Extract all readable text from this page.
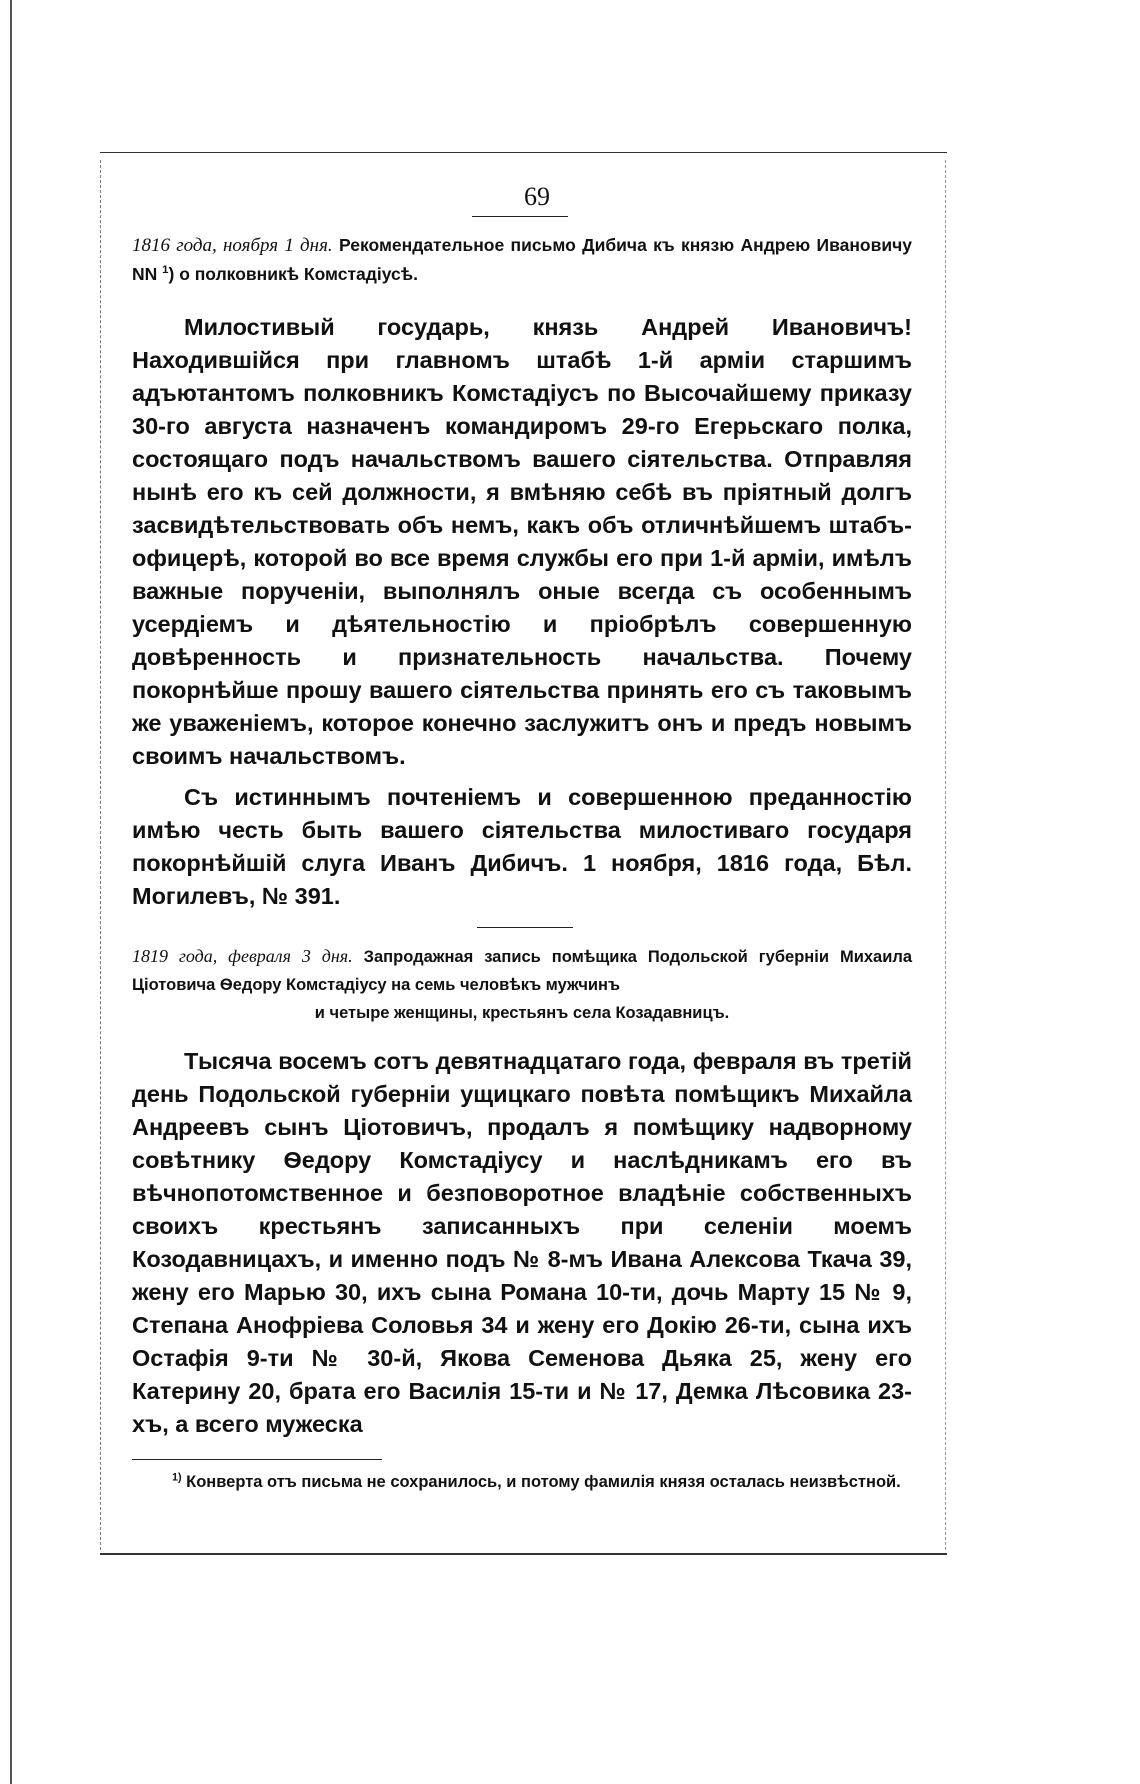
69
1816 года, ноября 1 дня. Рекомендательное письмо Дибича къ князю Андрею Ивановичу NN $^1$) о полковникѣ Комстадіусѣ.

Милостивый государь, князь Андрей Ивановичъ! Находившійся при главномъ штабѣ 1-й арміи старшимъ адъютантомъ полковникъ Комстадіусъ по Высочайшему приказу 30-го августа назначенъ командиромъ 29-го Егерьскаго полка, состоящаго подъ начальствомъ вашего сіятельства. Отправляя нынѣ его къ сей должности, я вмѣняю себѣ въ пріятный долгъ засвидѣтельствовать объ немъ, какъ объ отличнѣйшемъ штабъ-офицерѣ, которой во все время службы его при 1-й арміи, имѣлъ важные порученіи, выполнялъ оные всегда съ особеннымъ усердіемъ и дѣятельностію и пріобрѣлъ совершенную довѣренность и признательность начальства. Почему покорнѣйше прошу вашего сіятельства принять его съ таковымъ же уваженіемъ, которое конечно заслужитъ онъ и предъ новымъ своимъ начальствомъ.

Съ истиннымъ почтеніемъ и совершенною преданностію имѣю честь быть вашего сіятельства милостиваго государя покорнѣйшій слуга Иванъ Дибичъ. 1 ноября, 1816 года, Бѣл. Могилевъ, № 391.

1819 года, февраля 3 дня. Запродажная запись помѣщика Подольской губерніи Михаила Ціотовича Ѳедору Комстадіусу на семь человѣкъ мужчинъ
и четыре женщины, крестьянъ села Козадавницъ.

Тысяча восемъ сотъ девятнадцатаго года, февраля въ третій день Подольской губерніи ущицкаго повѣта помѣщикъ Михайла Андреевъ сынъ Ціотовичъ, продалъ я помѣщику надворному совѣтнику Ѳедору Комстадіусу и наслѣдникамъ его въ вѣчнопотомственное и безповоротное владѣніе собственныхъ своихъ крестьянъ записанныхъ при селеніи моемъ Козодавницахъ, и именно подъ № 8-мъ Ивана Алексова Ткача 39, жену его Марью 30, ихъ сына Романа 10-ти, дочь Марту 15 № 9, Степана Анофріева Соловья 34 и жену его Докію 26-ти, сына ихъ Остафія 9-ти № 30-й, Якова Семенова Дьяка 25, жену его Катерину 20, брата его Василія 15-ти и № 17, Демка Лѣсовика 23-хъ, а всего мужеска

$^{1)}$ Конверта отъ письма не сохранилось, и потому фамилія князя осталась неизвѣстной.
